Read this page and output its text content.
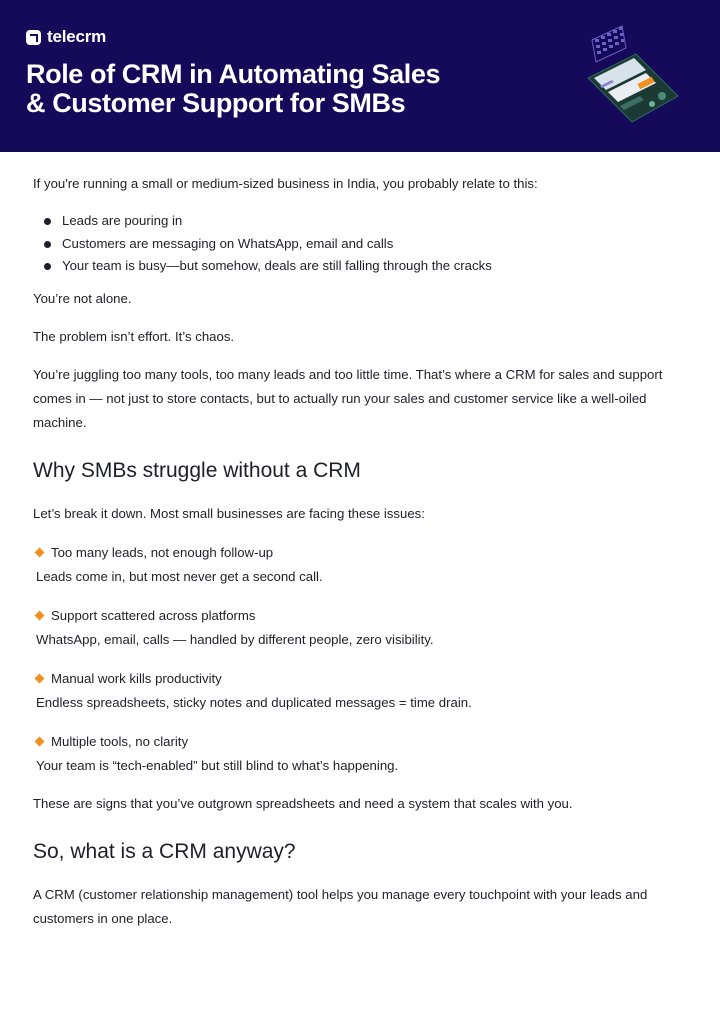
telecrm
Role of CRM in Automating Sales
& Customer Support for SMBs

If you're running a small or medium-sized business in India, you probably relate to this:

Leads are pouring in
Customers are messaging on WhatsApp, email and calls
Your team is busy—but somehow, deals are still falling through the cracks

You’re not alone.

The problem isn’t effort. It’s chaos.

You’re juggling too many tools, too many leads and too little time. That’s where a CRM for sales and support comes in — not just to store contacts, but to actually run your sales and customer service like a well-oiled machine.

Why SMBs struggle without a CRM

Let’s break it down. Most small businesses are facing these issues:

Too many leads, not enough follow-up
Leads come in, but most never get a second call.
Support scattered across platforms
WhatsApp, email, calls — handled by different people, zero visibility.
Manual work kills productivity
Endless spreadsheets, sticky notes and duplicated messages = time drain.
Multiple tools, no clarity
Your team is “tech-enabled” but still blind to what’s happening.

These are signs that you’ve outgrown spreadsheets and need a system that scales with you.

So, what is a CRM anyway?

A CRM (customer relationship management) tool helps you manage every touchpoint with your leads and customers in one place.
